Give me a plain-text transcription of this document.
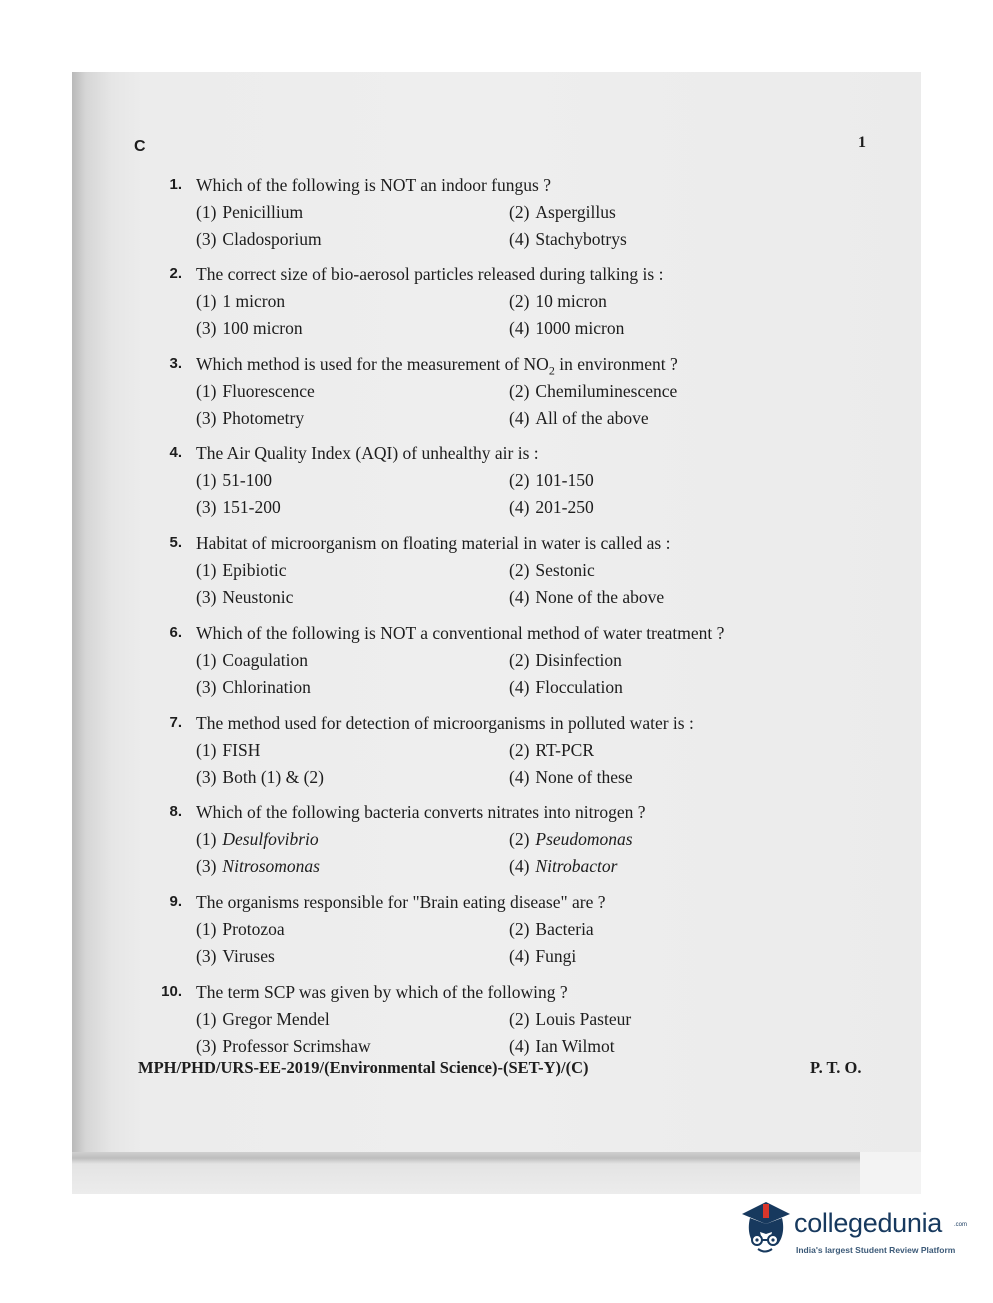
C	1
1. Which of the following is NOT an indoor fungus ?
(1) Penicillium	(2) Aspergillus
(3) Cladosporium	(4) Stachybotrys
2. The correct size of bio-aerosol particles released during talking is :
(1) 1 micron	(2) 10 micron
(3) 100 micron	(4) 1000 micron
3. Which method is used for the measurement of $NO_2$ in environment ?
(1) Fluorescence	(2) Chemiluminescence
(3) Photometry	(4) All of the above
4. The Air Quality Index (AQI) of unhealthy air is :
(1) 51-100	(2) 101-150
(3) 151-200	(4) 201-250
5. Habitat of microorganism on floating material in water is called as :
(1) Epibiotic	(2) Sestonic
(3) Neustonic	(4) None of the above
6. Which of the following is NOT a conventional method of water treatment ?
(1) Coagulation	(2) Disinfection
(3) Chlorination	(4) Flocculation
7. The method used for detection of microorganisms in polluted water is :
(1) FISH	(2) RT-PCR
(3) Both (1) & (2)	(4) None of these
8. Which of the following bacteria converts nitrates into nitrogen ?
(1) Desulfovibrio	(2) Pseudomonas
(3) Nitrosomonas	(4) Nitrobactor
9. The organisms responsible for "Brain eating disease" are ?
(1) Protozoa	(2) Bacteria
(3) Viruses	(4) Fungi
10. The term SCP was given by which of the following ?
(1) Gregor Mendel	(2) Louis Pasteur
(3) Professor Scrimshaw	(4) Ian Wilmot
MPH/PHD/URS-EE-2019/(Environmental Science)-(SET-Y)/(C)	P. T. O.
collegedunia .com
India's largest Student Review Platform
